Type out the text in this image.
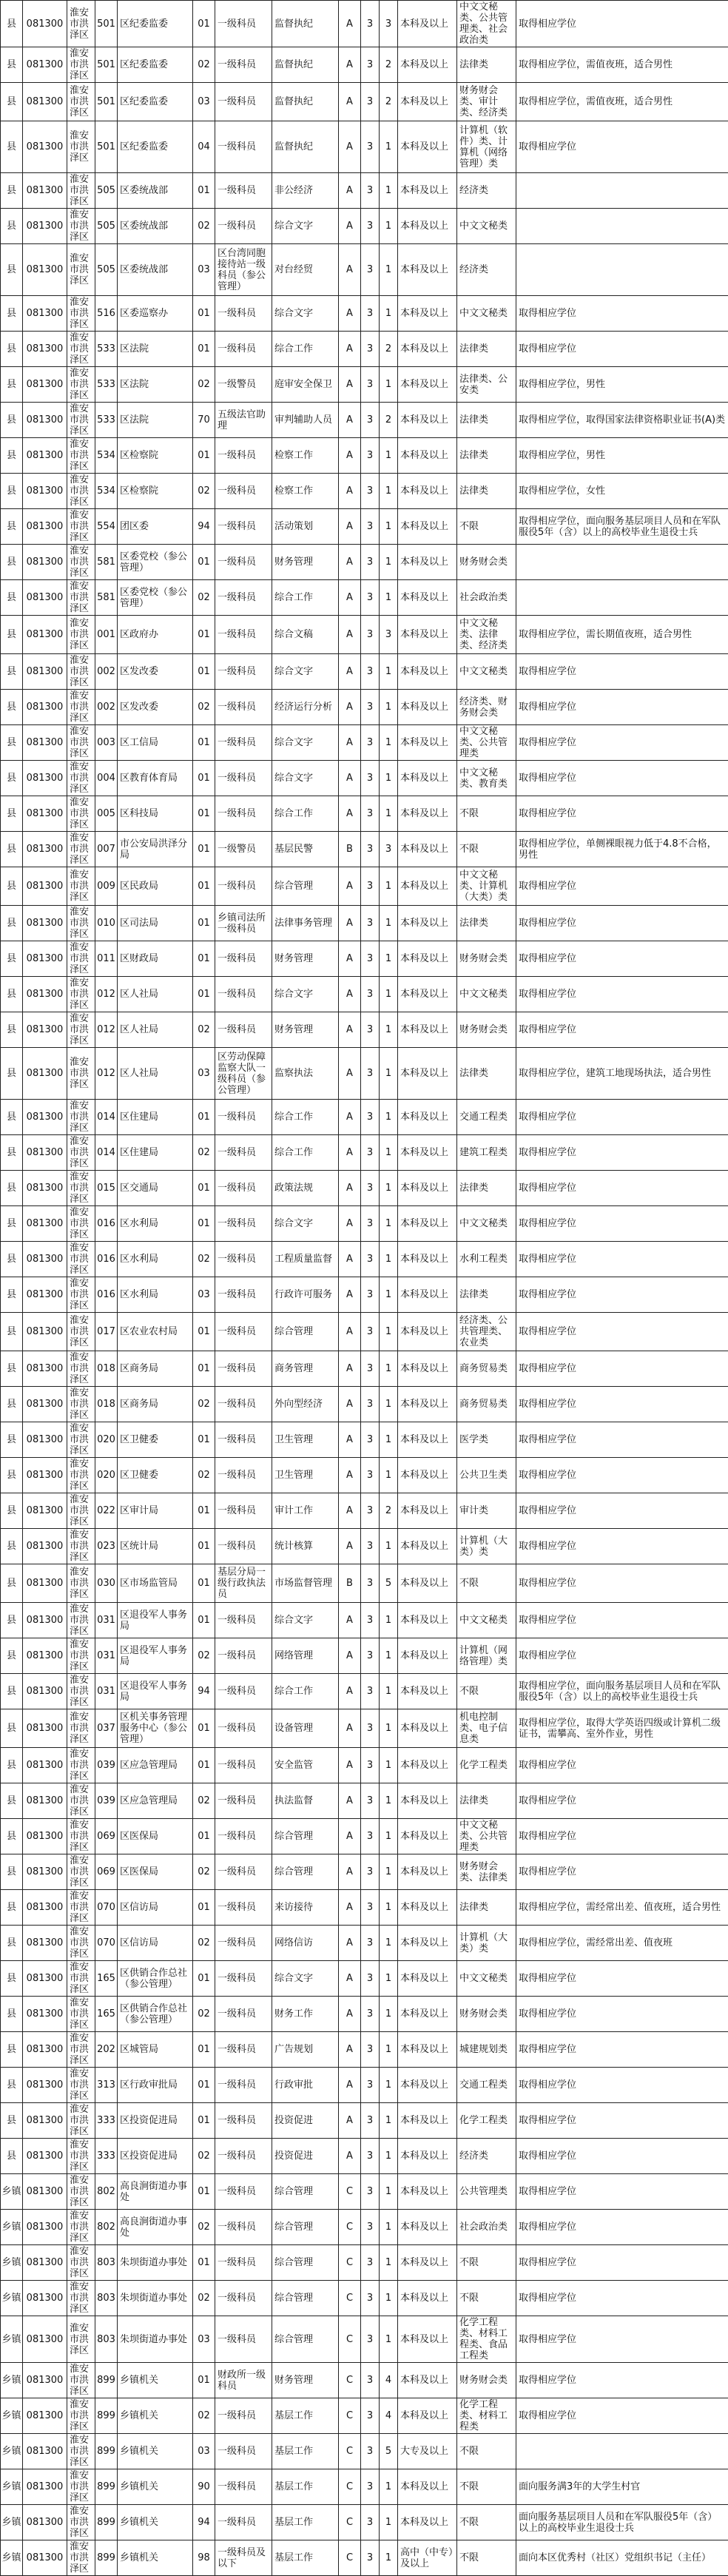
县	081300	淮安市洪泽区	501	区纪委监委	01	一级科员	监督执纪	A	3	3	本科及以上	中文文秘类、公共管理类、社会政治类	取得相应学位
县	081300	淮安市洪泽区	501	区纪委监委	02	一级科员	监督执纪	A	3	2	本科及以上	法律类	取得相应学位，需值夜班，适合男性
县	081300	淮安市洪泽区	501	区纪委监委	03	一级科员	监督执纪	A	3	2	本科及以上	财务财会类、审计类、经济类	取得相应学位，需值夜班，适合男性
县	081300	淮安市洪泽区	501	区纪委监委	04	一级科员	监督执纪	A	3	1	本科及以上	计算机（软件）类、计算机（网络管理）类	取得相应学位
县	081300	淮安市洪泽区	505	区委统战部	01	一级科员	非公经济	A	3	1	本科及以上	经济类	
县	081300	淮安市洪泽区	505	区委统战部	02	一级科员	综合文字	A	3	1	本科及以上	中文文秘类	
县	081300	淮安市洪泽区	505	区委统战部	03	区台湾同胞接待站一级科员（参公管理）	对台经贸	A	3	1	本科及以上	经济类	
县	081300	淮安市洪泽区	516	区委巡察办	01	一级科员	综合文字	A	3	1	本科及以上	中文文秘类	取得相应学位
县	081300	淮安市洪泽区	533	区法院	01	一级科员	综合工作	A	3	2	本科及以上	法律类	取得相应学位
县	081300	淮安市洪泽区	533	区法院	02	一级警员	庭审安全保卫	A	3	1	本科及以上	法律类、公安类	取得相应学位，男性
县	081300	淮安市洪泽区	533	区法院	70	五级法官助理	审判辅助人员	A	3	2	本科及以上	法律类	取得相应学位，取得国家法律资格职业证书(A)类
县	081300	淮安市洪泽区	534	区检察院	01	一级科员	检察工作	A	3	1	本科及以上	法律类	取得相应学位，男性
县	081300	淮安市洪泽区	534	区检察院	02	一级科员	检察工作	A	3	1	本科及以上	法律类	取得相应学位，女性
县	081300	淮安市洪泽区	554	团区委	94	一级科员	活动策划	A	3	1	本科及以上	不限	取得相应学位，面向服务基层项目人员和在军队服役5年（含）以上的高校毕业生退役士兵
县	081300	淮安市洪泽区	581	区委党校（参公管理）	01	一级科员	财务管理	A	3	1	本科及以上	财务财会类	
县	081300	淮安市洪泽区	581	区委党校（参公管理）	02	一级科员	综合工作	A	3	1	本科及以上	社会政治类	
县	081300	淮安市洪泽区	001	区政府办	01	一级科员	综合文稿	A	3	3	本科及以上	中文文秘类、法律类、经济类	取得相应学位，需长期值夜班，适合男性
县	081300	淮安市洪泽区	002	区发改委	01	一级科员	综合文字	A	3	1	本科及以上	中文文秘类	取得相应学位
县	081300	淮安市洪泽区	002	区发改委	02	一级科员	经济运行分析	A	3	1	本科及以上	经济类、财务财会类	取得相应学位
县	081300	淮安市洪泽区	003	区工信局	01	一级科员	综合文字	A	3	1	本科及以上	中文文秘类、公共管理类	取得相应学位
县	081300	淮安市洪泽区	004	区教育体育局	01	一级科员	综合文字	A	3	1	本科及以上	中文文秘类、教育类	取得相应学位
县	081300	淮安市洪泽区	005	区科技局	01	一级科员	综合工作	A	3	1	本科及以上	不限	取得相应学位
县	081300	淮安市洪泽区	007	市公安局洪泽分局	01	一级警员	基层民警	B	3	3	本科及以上	不限	取得相应学位，单侧裸眼视力低于4.8不合格，男性
县	081300	淮安市洪泽区	009	区民政局	01	一级科员	综合管理	A	3	1	本科及以上	中文文秘类、计算机（大类）类	取得相应学位
县	081300	淮安市洪泽区	010	区司法局	01	乡镇司法所一级科员	法律事务管理	A	3	1	本科及以上	法律类	取得相应学位
县	081300	淮安市洪泽区	011	区财政局	01	一级科员	财务管理	A	3	1	本科及以上	财务财会类	取得相应学位
县	081300	淮安市洪泽区	012	区人社局	01	一级科员	综合文字	A	3	1	本科及以上	中文文秘类	取得相应学位
县	081300	淮安市洪泽区	012	区人社局	02	一级科员	财务管理	A	3	1	本科及以上	财务财会类	取得相应学位
县	081300	淮安市洪泽区	012	区人社局	03	区劳动保障监察大队一级科员（参公管理）	监察执法	A	3	1	本科及以上	法律类	取得相应学位，建筑工地现场执法，适合男性
县	081300	淮安市洪泽区	014	区住建局	01	一级科员	综合工作	A	3	1	本科及以上	交通工程类	取得相应学位
县	081300	淮安市洪泽区	014	区住建局	02	一级科员	综合工作	A	3	1	本科及以上	建筑工程类	取得相应学位
县	081300	淮安市洪泽区	015	区交通局	01	一级科员	政策法规	A	3	1	本科及以上	法律类	取得相应学位
县	081300	淮安市洪泽区	016	区水利局	01	一级科员	综合文字	A	3	1	本科及以上	中文文秘类	取得相应学位
县	081300	淮安市洪泽区	016	区水利局	02	一级科员	工程质量监督	A	3	1	本科及以上	水利工程类	取得相应学位
县	081300	淮安市洪泽区	016	区水利局	03	一级科员	行政许可服务	A	3	1	本科及以上	法律类	取得相应学位
县	081300	淮安市洪泽区	017	区农业农村局	01	一级科员	综合管理	A	3	1	本科及以上	经济类、公共管理类、农业类	取得相应学位
县	081300	淮安市洪泽区	018	区商务局	01	一级科员	商务管理	A	3	1	本科及以上	商务贸易类	取得相应学位
县	081300	淮安市洪泽区	018	区商务局	02	一级科员	外向型经济	A	3	1	本科及以上	商务贸易类	取得相应学位
县	081300	淮安市洪泽区	020	区卫健委	01	一级科员	卫生管理	A	3	1	本科及以上	医学类	取得相应学位
县	081300	淮安市洪泽区	020	区卫健委	02	一级科员	卫生管理	A	3	1	本科及以上	公共卫生类	取得相应学位
县	081300	淮安市洪泽区	022	区审计局	01	一级科员	审计工作	A	3	2	本科及以上	审计类	取得相应学位
县	081300	淮安市洪泽区	023	区统计局	01	一级科员	统计核算	A	3	1	本科及以上	计算机（大类）类	取得相应学位
县	081300	淮安市洪泽区	030	区市场监管局	01	基层分局一级行政执法员	市场监督管理	B	3	5	本科及以上	不限	取得相应学位
县	081300	淮安市洪泽区	031	区退役军人事务局	01	一级科员	综合文字	A	3	1	本科及以上	中文文秘类	取得相应学位
县	081300	淮安市洪泽区	031	区退役军人事务局	02	一级科员	网络管理	A	3	1	本科及以上	计算机（网络管理）类	取得相应学位
县	081300	淮安市洪泽区	031	区退役军人事务局	94	一级科员	综合工作	A	3	1	本科及以上	不限	取得相应学位，面向服务基层项目人员和在军队服役5年（含）以上的高校毕业生退役士兵
县	081300	淮安市洪泽区	037	区机关事务管理服务中心（参公管理）	01	一级科员	设备管理	A	3	1	本科及以上	机电控制类、电子信息类	取得相应学位，取得大学英语四级或计算机二级证书，需攀高、室外作业，男性
县	081300	淮安市洪泽区	039	区应急管理局	01	一级科员	安全监管	A	3	1	本科及以上	化学工程类	取得相应学位
县	081300	淮安市洪泽区	039	区应急管理局	02	一级科员	执法监督	A	3	1	本科及以上	法律类	取得相应学位
县	081300	淮安市洪泽区	069	区医保局	01	一级科员	综合管理	A	3	1	本科及以上	中文文秘类、公共管理类	取得相应学位
县	081300	淮安市洪泽区	069	区医保局	02	一级科员	综合管理	A	3	1	本科及以上	财务财会类、法律类	取得相应学位
县	081300	淮安市洪泽区	070	区信访局	01	一级科员	来访接待	A	3	1	本科及以上	法律类	取得相应学位，需经常出差、值夜班，适合男性
县	081300	淮安市洪泽区	070	区信访局	02	一级科员	网络信访	A	3	1	本科及以上	计算机（大类）类	取得相应学位，需经常出差、值夜班
县	081300	淮安市洪泽区	165	区供销合作总社（参公管理）	01	一级科员	综合文字	A	3	1	本科及以上	中文文秘类	取得相应学位
县	081300	淮安市洪泽区	165	区供销合作总社（参公管理）	02	一级科员	财务工作	A	3	1	本科及以上	财务财会类	取得相应学位
县	081300	淮安市洪泽区	202	区城管局	01	一级科员	广告规划	A	3	1	本科及以上	城建规划类	取得相应学位
县	081300	淮安市洪泽区	313	区行政审批局	01	一级科员	行政审批	A	3	1	本科及以上	交通工程类	取得相应学位
县	081300	淮安市洪泽区	333	区投资促进局	01	一级科员	投资促进	A	3	1	本科及以上	化学工程类	取得相应学位
县	081300	淮安市洪泽区	333	区投资促进局	02	一级科员	投资促进	A	3	1	本科及以上	经济类	取得相应学位
乡镇	081300	淮安市洪泽区	802	高良涧街道办事处	01	一级科员	综合管理	C	3	1	本科及以上	公共管理类	取得相应学位
乡镇	081300	淮安市洪泽区	802	高良涧街道办事处	02	一级科员	综合管理	C	3	1	本科及以上	社会政治类	取得相应学位
乡镇	081300	淮安市洪泽区	803	朱坝街道办事处	01	一级科员	综合管理	C	3	1	本科及以上	不限	取得相应学位
乡镇	081300	淮安市洪泽区	803	朱坝街道办事处	02	一级科员	综合管理	C	3	1	本科及以上	不限	取得相应学位
乡镇	081300	淮安市洪泽区	803	朱坝街道办事处	03	一级科员	综合管理	C	3	1	本科及以上	化学工程类、材料工程类、食品工程类	取得相应学位
乡镇	081300	淮安市洪泽区	899	乡镇机关	01	财政所一级科员	财务管理	C	3	4	本科及以上	财务财会类	取得相应学位
乡镇	081300	淮安市洪泽区	899	乡镇机关	02	一级科员	基层工作	C	3	4	本科及以上	化学工程类、材料工程类	取得相应学位
乡镇	081300	淮安市洪泽区	899	乡镇机关	03	一级科员	基层工作	C	3	5	大专及以上	不限	
乡镇	081300	淮安市洪泽区	899	乡镇机关	90	一级科员	基层工作	C	3	1	本科及以上	不限	面向服务满3年的大学生村官
乡镇	081300	淮安市洪泽区	899	乡镇机关	94	一级科员	基层工作	C	3	1	本科及以上	不限	面向服务基层项目人员和在军队服役5年（含）以上的高校毕业生退役士兵
乡镇	081300	淮安市洪泽区	899	乡镇机关	98	一级科员及以下	基层工作	C	3	1	高中（中专）及以上	不限	面向本区优秀村（社区）党组织书记（主任）
